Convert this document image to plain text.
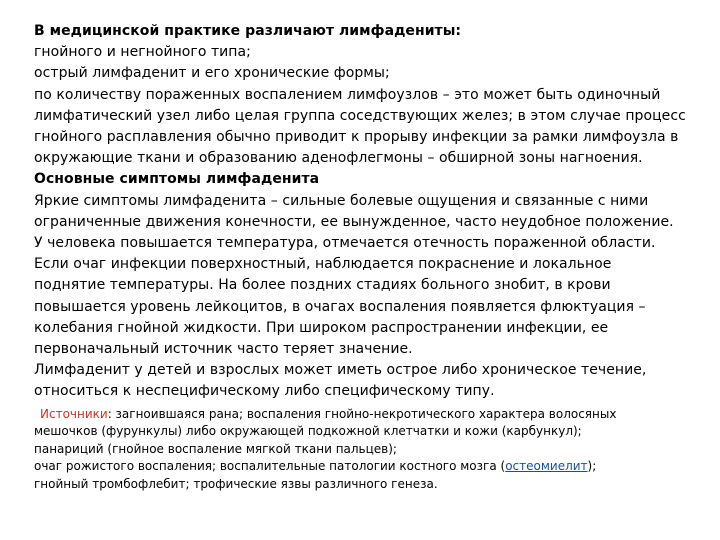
В медицинской практике различают лимфадениты:
гнойного и негнойного типа;
острый лимфаденит и его хронические формы;
по количеству пораженных воспалением лимфоузлов – это может быть одиночный
лимфатический узел либо целая группа соседствующих желез; в этом случае процесс
гнойного расплавления обычно приводит к прорыву инфекции за рамки лимфоузла в
окружающие ткани и образованию аденофлегмоны – обширной зоны нагноения.
Основные симптомы лимфаденита
Яркие симптомы лимфаденита – сильные болевые ощущения и связанные с ними
ограниченные движения конечности, ее вынужденное, часто неудобное положение.
У человека повышается температура, отмечается отечность пораженной области.
Если очаг инфекции поверхностный, наблюдается покраснение и локальное
поднятие температуры. На более поздних стадиях больного знобит, в крови
повышается уровень лейкоцитов, в очагах воспаления появляется флюктуация –
колебания гнойной жидкости. При широком распространении инфекции, ее
первоначальный источник часто теряет значение.
Лимфаденит у детей и взрослых может иметь острое либо хроническое течение,
относиться к неспецифическому либо специфическому типу.
Источники: загноившаяся рана; воспаления гнойно-некротического характера волосяных
мешочков (фурункулы) либо окружающей подкожной клетчатки и кожи (карбункул);
панариций (гнойное воспаление мягкой ткани пальцев);
очаг рожистого воспаления; воспалительные патологии костного мозга (остеомиелит);
гнойный тромбофлебит; трофические язвы различного генеза.
